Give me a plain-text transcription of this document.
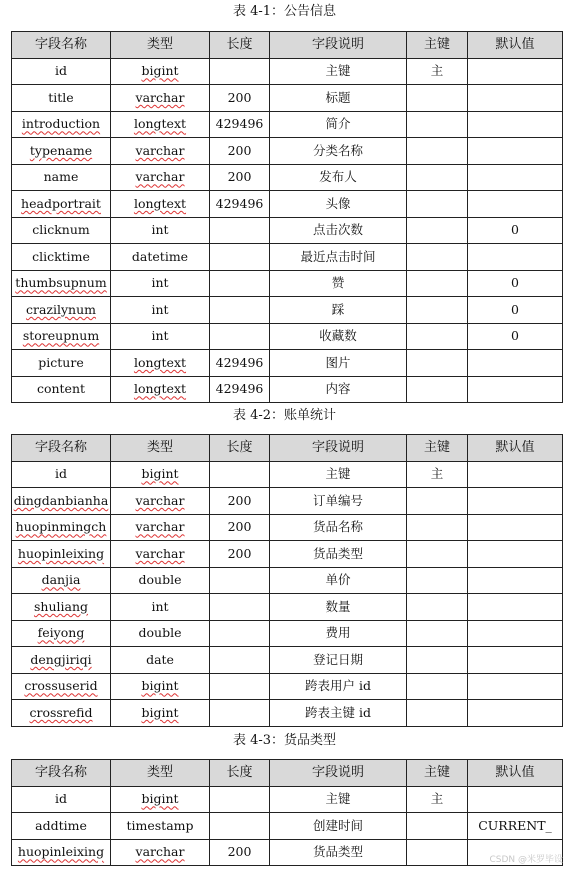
表 4-1：公告信息
字段名称	类型	长度	字段说明	主键	默认值
id	bigint		主键	主	
title	varchar	200	标题		
introduction	longtext	429496	简介		
typename	varchar	200	分类名称		
name	varchar	200	发布人		
headportrait	longtext	429496	头像		
clicknum	int		点击次数		0
clicktime	datetime		最近点击时间		
thumbsupnum	int		赞		0
crazilynum	int		踩		0
storeupnum	int		收藏数		0
picture	longtext	429496	图片		
content	longtext	429496	内容		
表 4-2：账单统计
字段名称	类型	长度	字段说明	主键	默认值
id	bigint		主键	主	
dingdanbianha	varchar	200	订单编号		
huopinmingch	varchar	200	货品名称		
huopinleixing	varchar	200	货品类型		
danjia	double		单价		
shuliang	int		数量		
feiyong	double		费用		
dengjiriqi	date		登记日期		
crossuserid	bigint		跨表用户 id		
crossrefid	bigint		跨表主键 id		
表 4-3：货品类型
字段名称	类型	长度	字段说明	主键	默认值
id	bigint		主键	主	
addtime	timestamp		创建时间		CURRENT_
huopinleixing	varchar	200	货品类型		
CSDN @米罗毕设
